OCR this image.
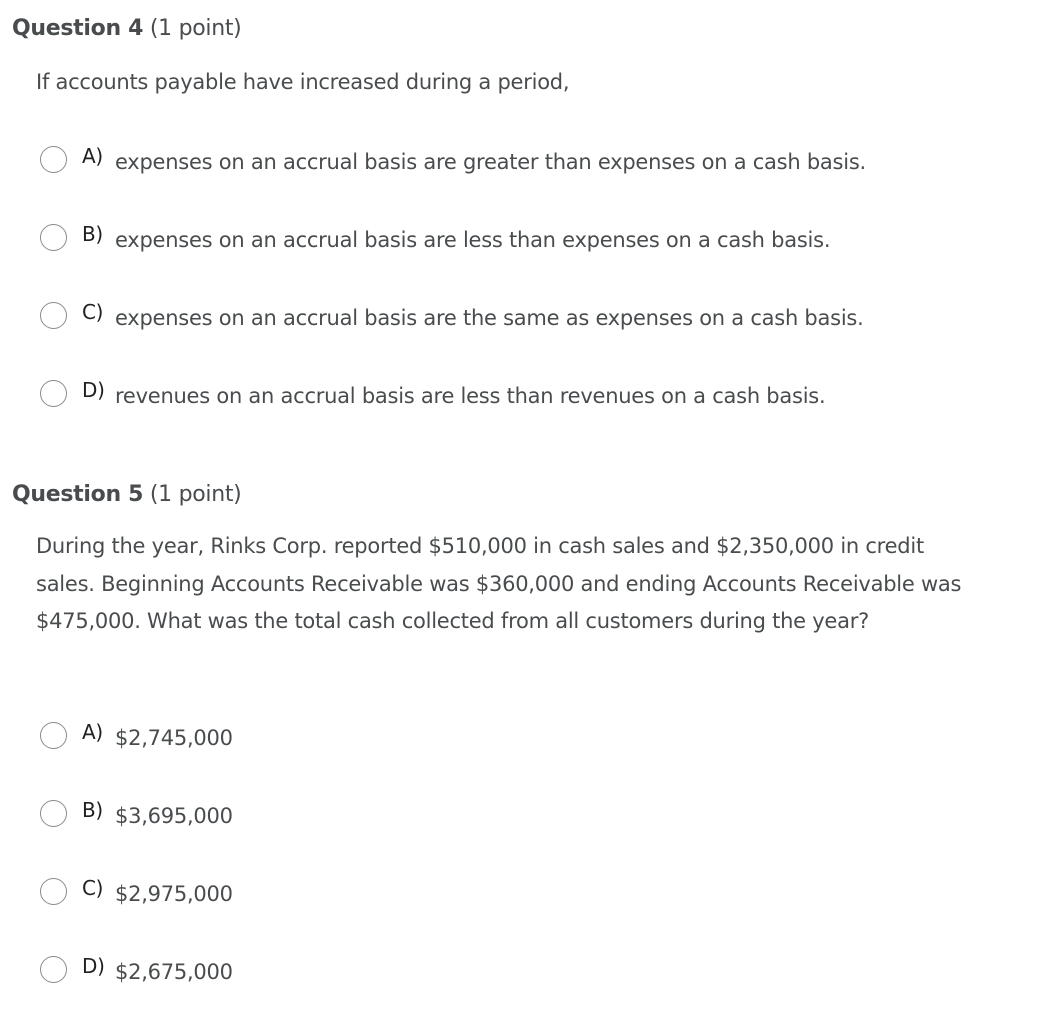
Question 4 (1 point)
If accounts payable have increased during a period,
A) expenses on an accrual basis are greater than expenses on a cash basis.
B) expenses on an accrual basis are less than expenses on a cash basis.
C) expenses on an accrual basis are the same as expenses on a cash basis.
D) revenues on an accrual basis are less than revenues on a cash basis.
Question 5 (1 point)
During the year, Rinks Corp. reported $510,000 in cash sales and $2,350,000 in credit sales. Beginning Accounts Receivable was $360,000 and ending Accounts Receivable was $475,000. What was the total cash collected from all customers during the year?
A) $2,745,000
B) $3,695,000
C) $2,975,000
D) $2,675,000
